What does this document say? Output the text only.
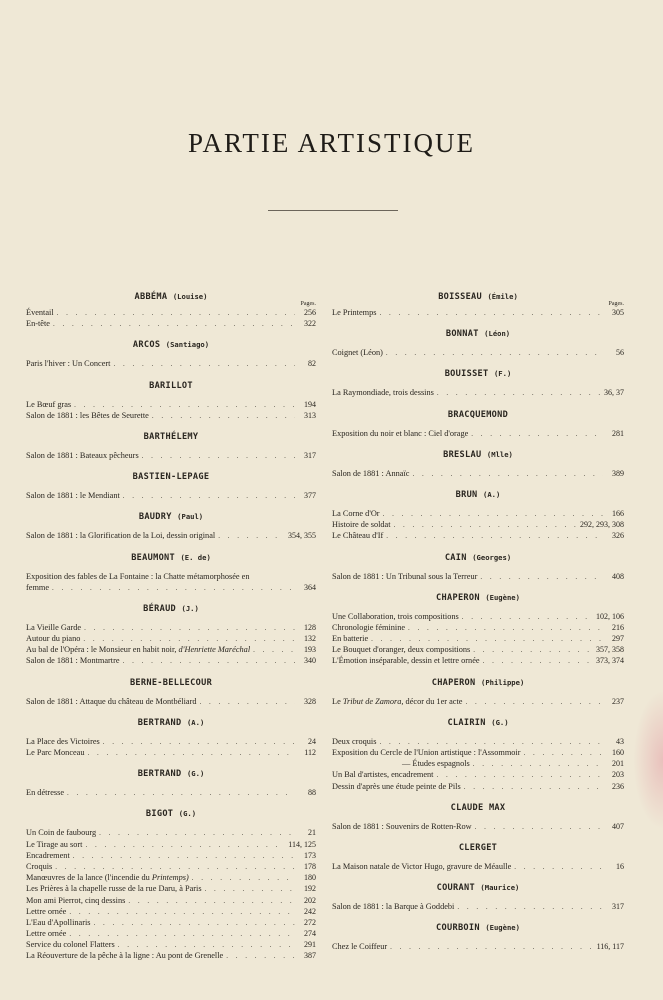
PARTIE ARTISTIQUE
ABBÉMA (Louise)
Pages.
Éventail . . .	256
En-tête . . .	322
ARCOS (Santiago)
Paris l'hiver : Un Concert . . .	82
BARILLOT
Le Bœuf gras . . .	194
Salon de 1881 : les Bêtes de Seurette . . .	313
BARTHÉLEMY
Salon de 1881 : Bateaux pêcheurs . . .	317
BASTIEN-LEPAGE
Salon de 1881 : le Mendiant . . .	377
BAUDRY (Paul)
Salon de 1881 : la Glorification de la Loi, dessin original . . .	354, 355
BEAUMONT (E. de)
Exposition des fables de La Fontaine : la Chatte métamorphosée en
femme . . .	364
BÉRAUD (J.)
La Vieille Garde . . .	128
Autour du piano . . .	132
Au bal de l'Opéra : le Monsieur en habit noir, d'Henriette Maréchal . . .	193
Salon de 1881 : Montmartre . . .	340
BERNE-BELLECOUR
Salon de 1881 : Attaque du château de Montbéliard . . .	328
BERTRAND (A.)
La Place des Victoires . . .	24
Le Parc Monceau . . .	112
BERTRAND (G.)
En détresse . . .	88
BIGOT (G.)
Un Coin de faubourg . . .	21
Le Tirage au sort . . .	114, 125
Encadrement . . .	173
Croquis . . .	178
Manœuvres de la lance (l'incendie du Printemps) . . .	180
Les Prières à la chapelle russe de la rue Daru, à Paris . . .	192
Mon ami Pierrot, cinq dessins . . .	202
Lettre ornée . . .	242
L'Eau d'Apollinaris . . .	272
Lettre ornée . . .	274
Service du colonel Flatters . . .	291
La Réouverture de la pêche à la ligne : Au pont de Grenelle . . .	387
BOISSEAU (Émile)
Pages.
Le Printemps . . .	305
BONNAT (Léon)
Coignet (Léon) . . .	56
BOUISSET (F.)
La Raymondiade, trois dessins . . .	36, 37
BRACQUEMOND
Exposition du noir et blanc : Ciel d'orage . . .	281
BRESLAU (Mlle)
Salon de 1881 : Annaïc . . .	389
BRUN (A.)
La Corne d'Or . . .	166
Histoire de soldat . . .	292, 293, 308
Le Château d'If . . .	326
CAIN (Georges)
Salon de 1881 : Un Tribunal sous la Terreur . . .	408
CHAPERON (Eugène)
Une Collaboration, trois compositions . . .	102, 106
Chronologie féminine . . .	216
En batterie . . .	297
Le Bouquet d'oranger, deux compositions . . .	357, 358
L'Émotion inséparable, dessin et lettre ornée . . .	373, 374
CHAPERON (Philippe)
Le Tribut de Zamora, décor du 1er acte . . .	237
CLAIRIN (G.)
Deux croquis . . .	43
Exposition du Cercle de l'Union artistique : l'Assommoir . . .	160
— Études espagnols . . .	201
Un Bal d'artistes, encadrement . . .	203
Dessin d'après une étude peinte de Pils . . .	236
CLAUDE MAX
Salon de 1881 : Souvenirs de Rotten-Row . . .	407
CLERGET
La Maison natale de Victor Hugo, gravure de Méaulle . . .	16
COURANT (Maurice)
Salon de 1881 : la Barque à Goddebi . . .	317
COURBOIN (Eugène)
Chez le Coiffeur . . .	116, 117
